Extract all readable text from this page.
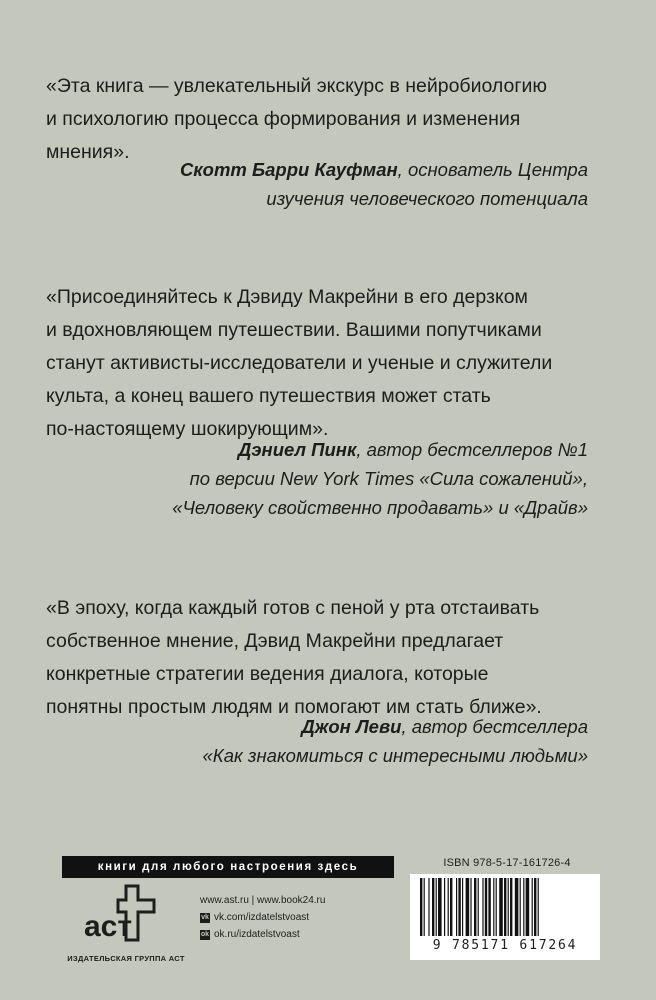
«Эта книга — увлекательный экскурс в нейробиологию
и психологию процесса формирования и изменения
мнения».

Скотт Барри Кауфман, основатель Центра
изучения человеческого потенциала

«Присоединяйтесь к Дэвиду Макрейни в его дерзком
и вдохновляющем путешествии. Вашими попутчиками
станут активисты-исследователи и ученые и служители
культа, а конец вашего путешествия может стать
по-настоящему шокирующим».

Дэниел Пинк, автор бестселлеров №1
по версии New York Times «Сила сожалений»,
«Человеку свойственно продавать» и «Драйв»

«В эпоху, когда каждый готов с пеной у рта отстаивать
собственное мнение, Дэвид Макрейни предлагает
конкретные стратегии ведения диалога, которые
понятны простым людям и помогают им стать ближе».

Джон Леви, автор бестселлера
«Как знакомиться с интересными людьми»
книги для любого настроения здесь
аст
ИЗДАТЕЛЬСКАЯ ГРУППА АСТ
www.ast.ru | www.book24.ru
vk vk.com/izdatelstvoast
ok ok.ru/izdatelstvoast
ISBN 978-5-17-161726-4
9 785171 617264
